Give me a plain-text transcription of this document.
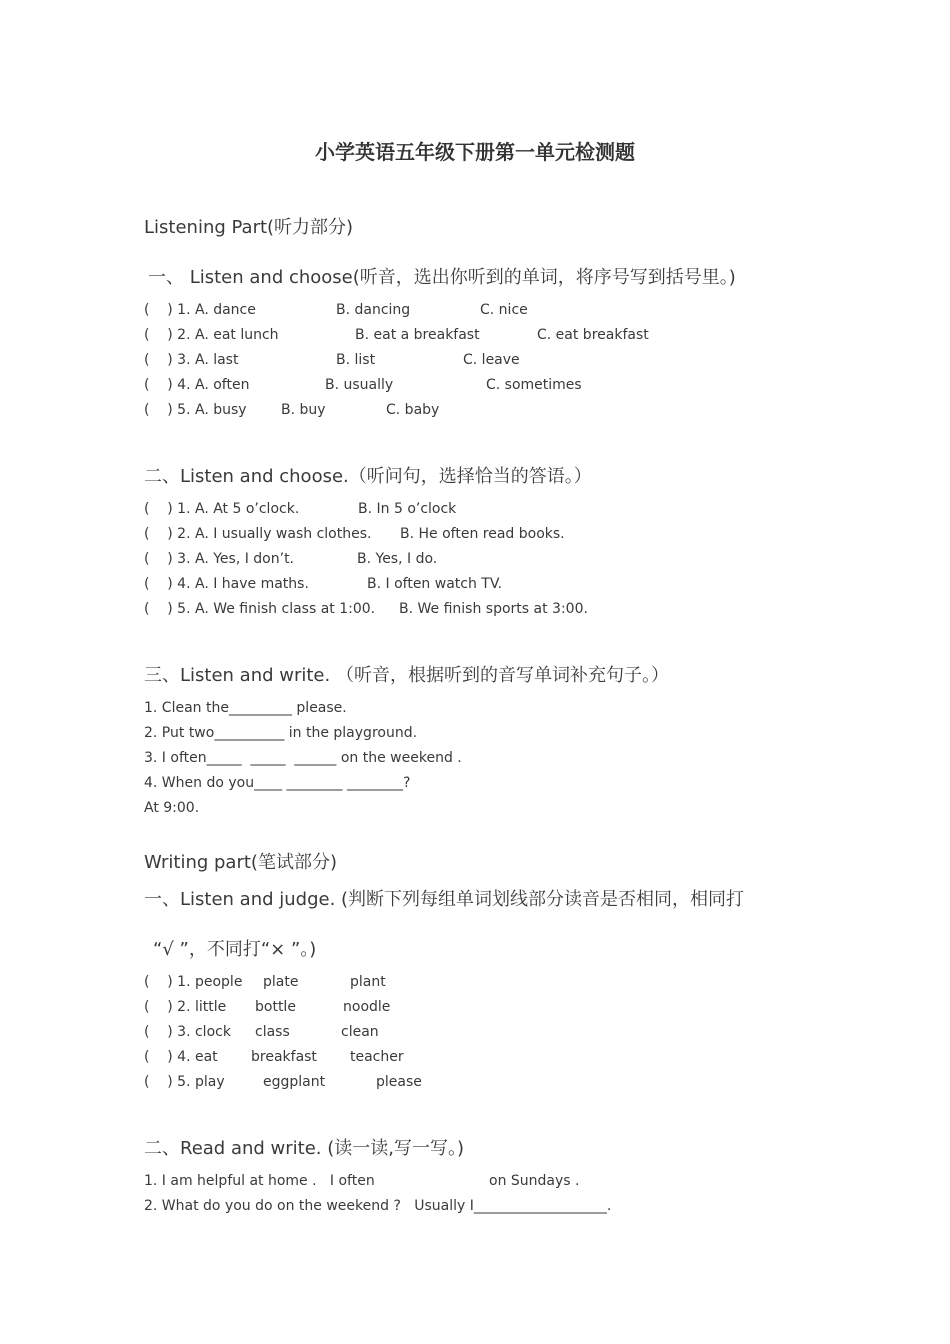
小学英语五年级下册第一单元检测题
Listening Part(听力部分)
一、 Listen and choose(听音，选出你听到的单词，将序号写到括号里。)
(    ) 1. A. dance	B. dancing	C. nice
(    ) 2. A. eat lunch	B. eat a breakfast	C. eat breakfast
(    ) 3. A. last	B. list	C. leave
(    ) 4. A. often	B. usually	C. sometimes
(    ) 5. A. busy B. buy	C. baby
二、Listen and choose.（听问句，选择恰当的答语。）
(    ) 1. A. At 5 o’clock.	B. In 5 o’clock
(    ) 2. A. I usually wash clothes. B. He often read books.
(    ) 3. A. Yes, I don’t.	B. Yes, I do.
(    ) 4. A. I have maths.	B. I often watch TV.
(    ) 5. A. We finish class at 1:00. B. We finish sports at 3:00.
三、Listen and write. （听音，根据听到的音写单词补充句子。）
1. Clean the_________ please.
2. Put two__________ in the playground.
3. I often_____  _____  ______ on the weekend .
4. When do you____ ________ ________?
At 9:00.
Writing part(笔试部分)
一、Listen and judge. (判断下列每组单词划线部分读音是否相同，相同打
“√ ”，不同打“× ”。)
(    ) 1. people plate	plant
(    ) 2. little bottle	noodle
(    ) 3. clock class	clean
(    ) 4. eat breakfast teacher
(    ) 5. play	eggplant	please
二、Read and write. (读一读,写一写。)
1. I am helpful at home .   I often	on Sundays .
2. What do you do on the weekend ?   Usually I___________________.
